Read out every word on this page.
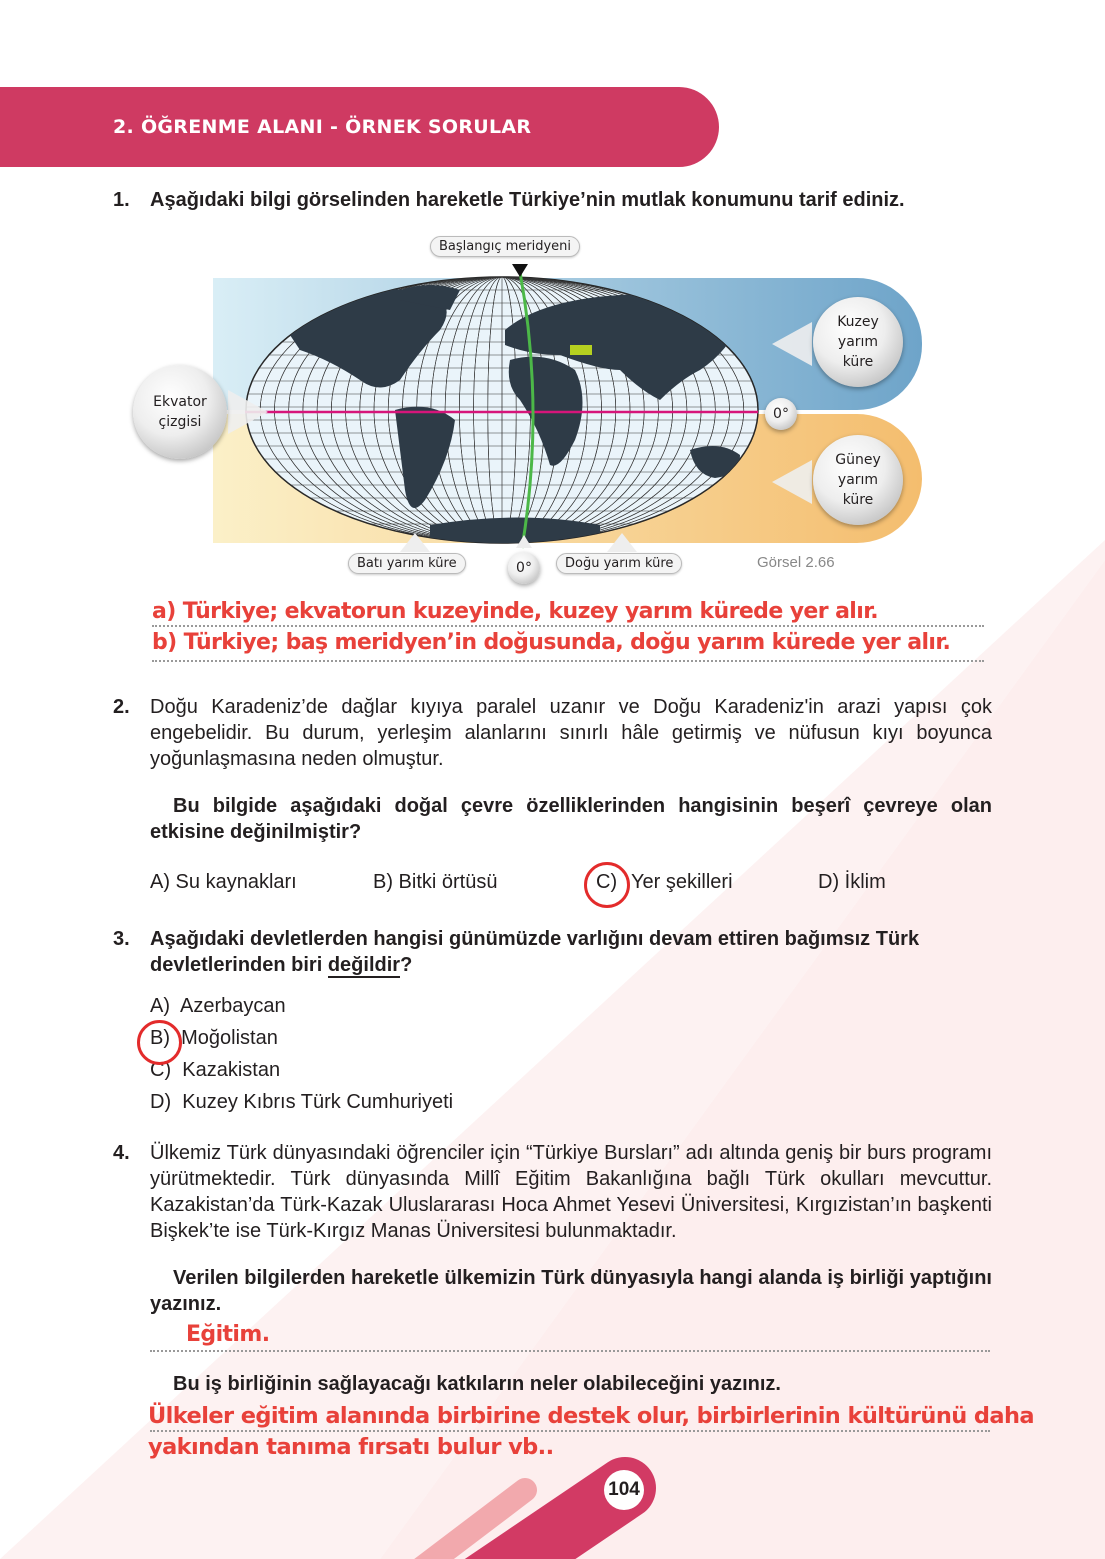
2. ÖĞRENME ALANI - ÖRNEK SORULAR
1. Aşağıdaki bilgi görselinden hareketle Türkiye’nin mutlak konumunu tarif ediniz.
Başlangıç meridyeni
Ekvator çizgisi
Kuzey yarım küre
Güney yarım küre
0°
0°
Batı yarım küre	Doğu yarım küre	Görsel 2.66
a) Türkiye; ekvatorun kuzeyinde, kuzey yarım kürede yer alır.
b) Türkiye; baş meridyen’in doğusunda, doğu yarım kürede yer alır.
2. Doğu Karadeniz’de dağlar kıyıya paralel uzanır ve Doğu Karadeniz'in arazi yapısı çok engebelidir. Bu durum, yerleşim alanlarını sınırlı hâle getirmiş ve nüfusun kıyı boyunca yoğunlaşmasına neden olmuştur.
Bu bilgide aşağıdaki doğal çevre özelliklerinden hangisinin beşerî çevreye olan etkisine değinilmiştir?
A) Su kaynakları	B) Bitki örtüsü	C) Yer şekilleri	D) İklim
3. Aşağıdaki devletlerden hangisi günümüzde varlığını devam ettiren bağımsız Türk
devletlerinden biri değildir?
A) Azerbaycan
B) Moğolistan
C) Kazakistan
D) Kuzey Kıbrıs Türk Cumhuriyeti
4. Ülkemiz Türk dünyasındaki öğrenciler için “Türkiye Bursları” adı altında geniş bir burs programı yürütmektedir. Türk dünyasında Millî Eğitim Bakanlığına bağlı Türk okulları mevcuttur. Kazakistan’da Türk-Kazak Uluslararası Hoca Ahmet Yesevi Üniversitesi, Kırgızistan’ın başkenti Bişkek’te ise Türk-Kırgız Manas Üniversitesi bulunmaktadır.
Verilen bilgilerden hareketle ülkemizin Türk dünyasıyla hangi alanda iş birliği yaptığını yazınız.
Eğitim.
Bu iş birliğinin sağlayacağı katkıların neler olabileceğini yazınız.
Ülkeler eğitim alanında birbirine destek olur, birbirlerinin kültürünü daha
yakından tanıma fırsatı bulur vb..
104
